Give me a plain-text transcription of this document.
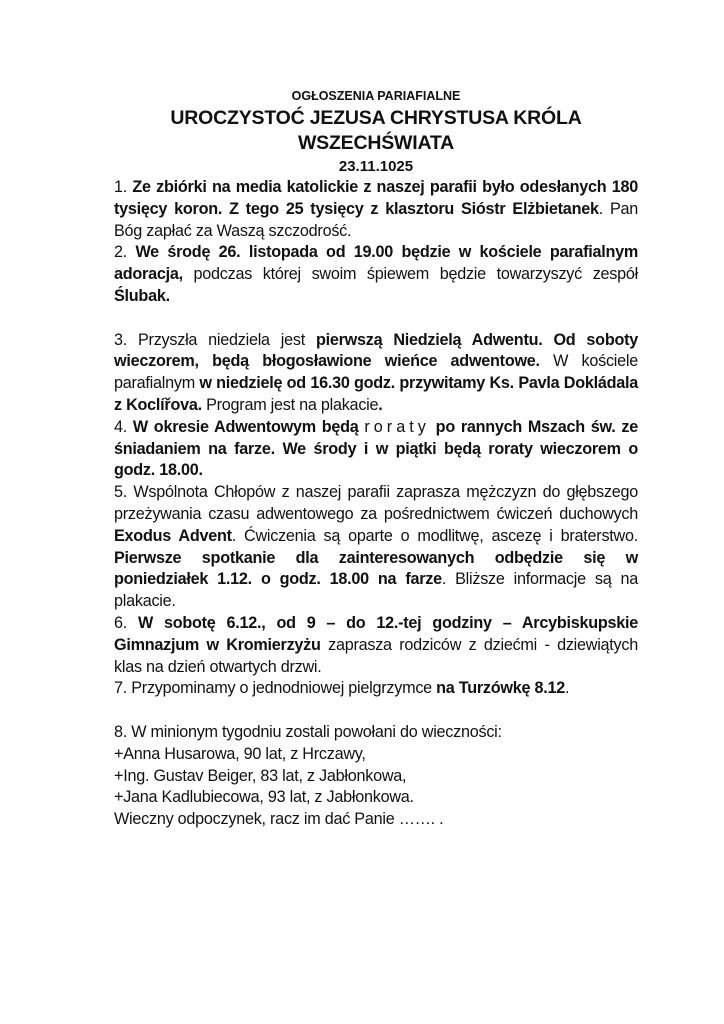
OGŁOSZENIA PARIAFIALNE
UROCZYSTOĆ JEZUSA CHRYSTUSA KRÓLA WSZECHŚWIATA
23.11.1025
1. Ze zbiórki na media katolickie z naszej parafii było odesłanych 180 tysięcy koron. Z tego 25 tysięcy z klasztoru Sióstr Elżbietanek. Pan Bóg zapłać za Waszą szczodrość.
2. We środę 26. listopada od 19.00 będzie w kościele parafialnym adoracja, podczas której swoim śpiewem będzie towarzyszyć zespół Ślubak.
3. Przyszła niedziela jest pierwszą Niedzielą Adwentu. Od soboty wieczorem, będą błogosławione wieńce adwentowe. W kościele parafialnym w niedzielę od 16.30 godz. przywitamy Ks. Pavla Dokládala z Koclířova. Program jest na plakacie.
4. W okresie Adwentowym będą roraty po rannych Mszach św. ze śniadaniem na farze. We środy i w piątki będą roraty wieczorem o godz. 18.00.
5. Wspólnota Chłopów z naszej parafii zaprasza mężczyzn do głębszego przeżywania czasu adwentowego za pośrednictwem ćwiczeń duchowych Exodus Advent. Ćwiczenia są oparte o modlitwę, ascezę i braterstwo. Pierwsze spotkanie dla zainteresowanych odbędzie się w poniedziałek 1.12. o godz. 18.00 na farze. Bliższe informacje są na plakacie.
6. W sobotę 6.12., od 9 – do 12.-tej godziny – Arcybiskupskie Gimnazjum w Kromierzyżu zaprasza rodziców z dziećmi - dziewiątych klas na dzień otwartych drzwi.
7. Przypominamy o jednodniowej pielgrzymce na Turzówkę 8.12.
8. W minionym tygodniu zostali powołani do wieczności:
+Anna Husarowa, 90 lat, z Hrczawy,
+Ing. Gustav Beiger, 83 lat, z Jabłonkowa,
+Jana Kadlubiecowa, 93 lat, z Jabłonkowa.
Wieczny odpoczynek, racz im dać Panie ……. .
